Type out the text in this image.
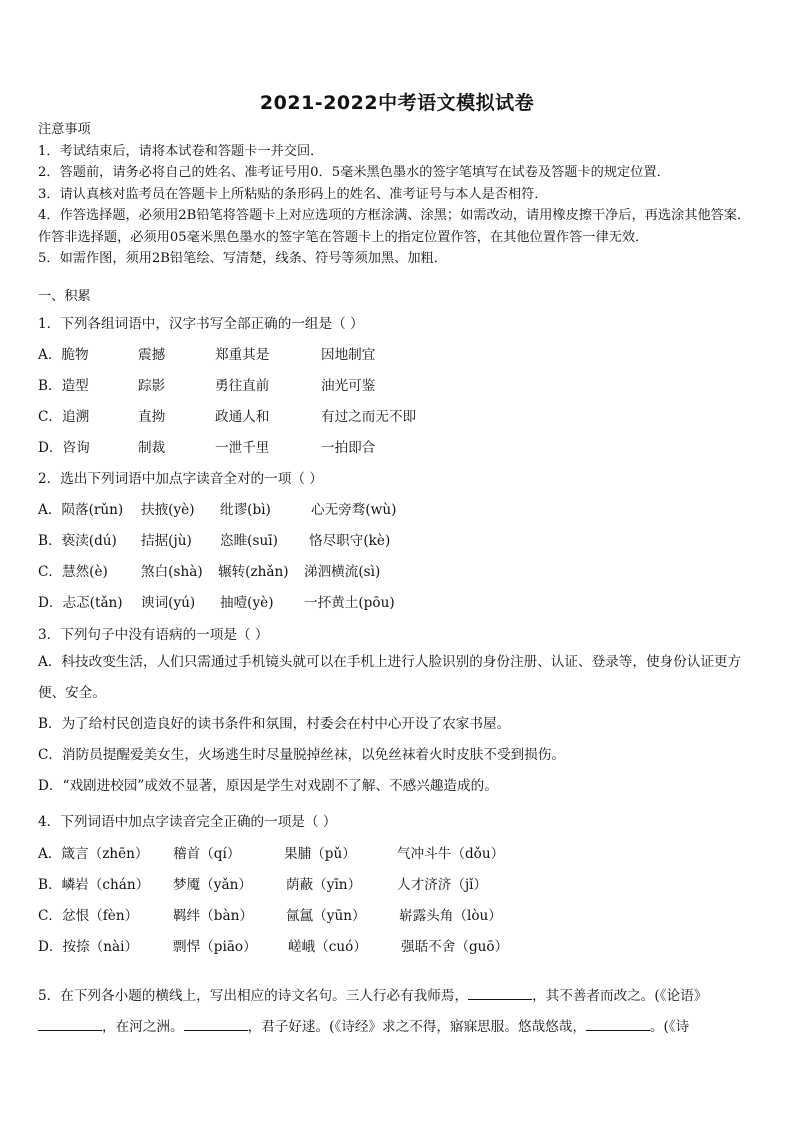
2021-2022中考语文模拟试卷
注意事项
1．考试结束后，请将本试卷和答题卡一并交回．
2．答题前，请务必将自己的姓名、准考证号用0．5毫米黑色墨水的签字笔填写在试卷及答题卡的规定位置．
3．请认真核对监考员在答题卡上所粘贴的条形码上的姓名、准考证号与本人是否相符．
4．作答选择题，必须用2B铅笔将答题卡上对应选项的方框涂满、涂黑；如需改动，请用橡皮擦干净后，再选涂其他答案．作答非选择题，必须用05毫米黑色墨水的签字笔在答题卡上的指定位置作答，在其他位置作答一律无效．
5．如需作图，须用2B铅笔绘、写清楚，线条、符号等须加黑、加粗．
一、积累
1．下列各组词语中，汉字书写全部正确的一组是（ ）
A．脆物	震撼	郑重其是	因地制宜
B．造型	踪影	勇往直前	油光可鉴
C．追溯	直拗	政通人和	有过之而无不即
D．咨询	制裁	一泄千里	一拍即合
2．选出下列词语中加点字读音全对的一项（ ）
A．陨落(rǔn) 扶掖(yè) 纰谬(bì)	心无旁骛(wù)
B．亵渎(dú) 拮据(jù) 恣睢(suī) 恪尽职守(kè)
C．慧然(è) 煞白(shà) 辗转(zhǎn) 涕泗横流(sì)
D．忐忑(tǎn) 谀词(yú) 抽噎(yè) 一抔黄土(pōu)
3．下列句子中没有语病的一项是（ ）
A．科技改变生活，人们只需通过手机镜头就可以在手机上进行人脸识别的身份注册、认证、登录等，使身份认证更方便、安全。
B．为了给村民创造良好的读书条件和氛围，村委会在村中心开设了农家书屋。
C．消防员提醒爱美女生，火场逃生时尽量脱掉丝袜，以免丝袜着火时皮肤不受到损伤。
D．“戏剧进校园”成效不显著，原因是学生对戏剧不了解、不感兴趣造成的。
4．下列词语中加点字读音完全正确的一项是（ ）
A．箴言（zhēn） 稽首（qí）	果脯（pǔ）	气冲斗牛（dǒu）
B．嶙岩（chán） 梦魇（yǎn）	荫蔽（yīn）	人才济济（jǐ）
C．忿恨（fèn）	羁绊（bàn） 氤氲（yūn） 崭露头角（lòu）
D．按捺（nài）	剽悍（piāo） 嵯峨（cuó）	强聒不舍（guō）
5．在下列各小题的横线上，写出相应的诗文名句。三人行必有我师焉，	，其不善者而改之。(《论语》
，在河之洲。	，君子好逑。(《诗经》求之不得，寤寐思服。悠哉悠哉，	。(《诗
